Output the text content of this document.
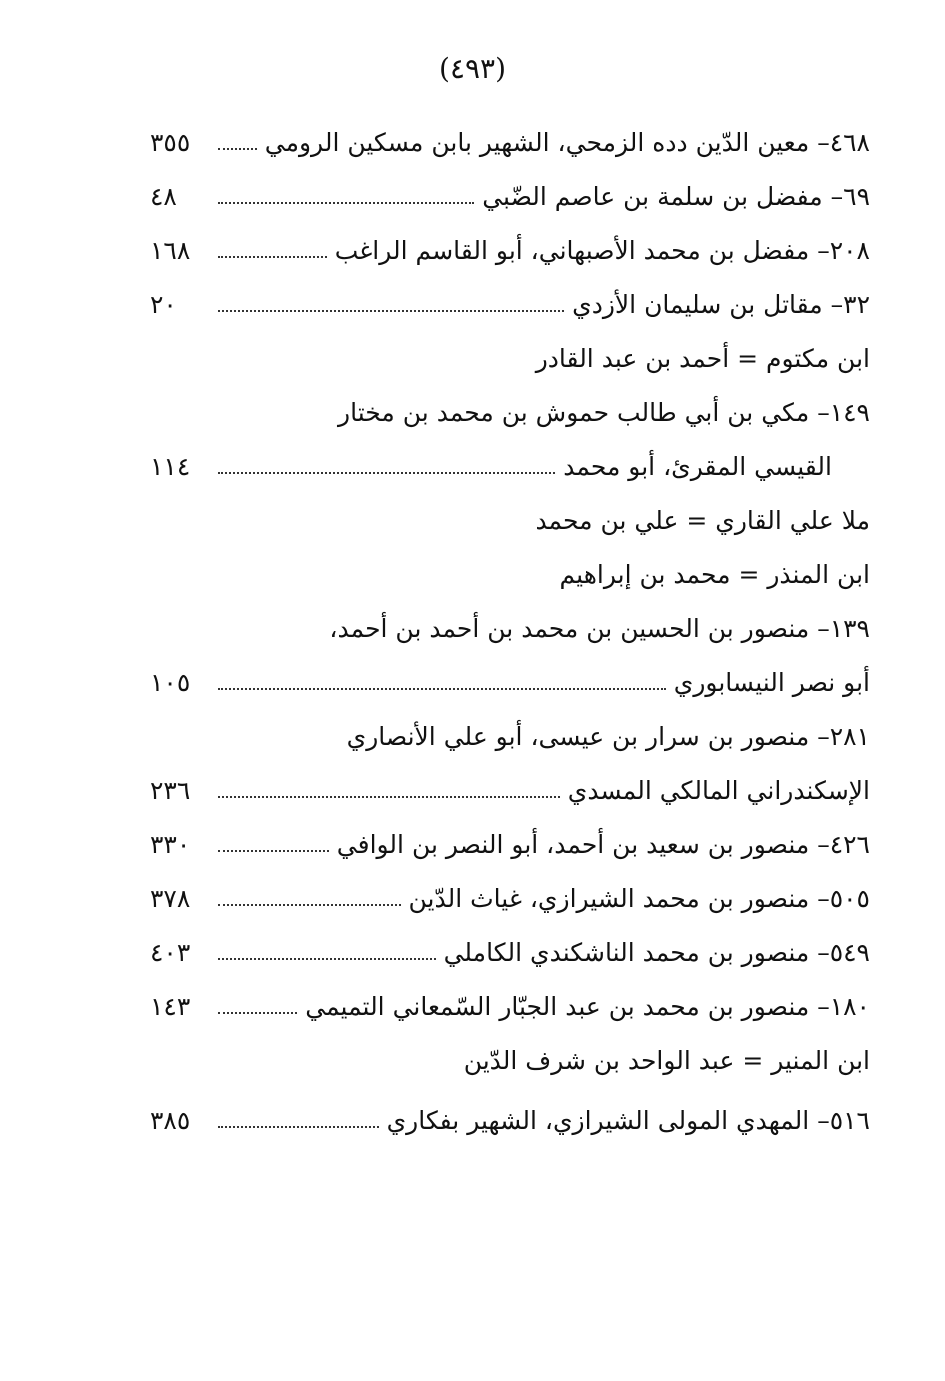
(٤٩٣)
٤٦٨– معين الدّين دده الزمحي، الشهير بابن مسكين الرومي
٣٥٥
٦٩– مفضل بن سلمة بن عاصم الضّبي
٤٨
٢٠٨– مفضل بن محمد الأصبهاني، أبو القاسم الراغب
١٦٨
٣٢– مقاتل بن سليمان الأزدي
٢٠
ابن مكتوم = أحمد بن عبد القادر
١٤٩– مكي بن أبي طالب حموش بن محمد بن مختار
القيسي المقرئ، أبو محمد
١١٤
ملا علي القاري = علي بن محمد
ابن المنذر = محمد بن إبراهيم
١٣٩– منصور بن الحسين بن محمد بن أحمد بن أحمد،
أبو نصر النيسابوري
١٠٥
٢٨١– منصور بن سرار بن عيسى، أبو علي الأنصاري
الإسكندراني المالكي المسدي
٢٣٦
٤٢٦– منصور بن سعيد بن أحمد، أبو النصر بن الوافي
٣٣٠
٥٠٥– منصور بن محمد الشيرازي، غياث الدّين
٣٧٨
٥٤٩– منصور بن محمد الناشكندي الكاملي
٤٠٣
١٨٠– منصور بن محمد بن عبد الجبّار السّمعاني التميمي
١٤٣
ابن المنير = عبد الواحد بن شرف الدّين
٥١٦– المهدي المولى الشيرازي، الشهير بفكاري
٣٨٥
